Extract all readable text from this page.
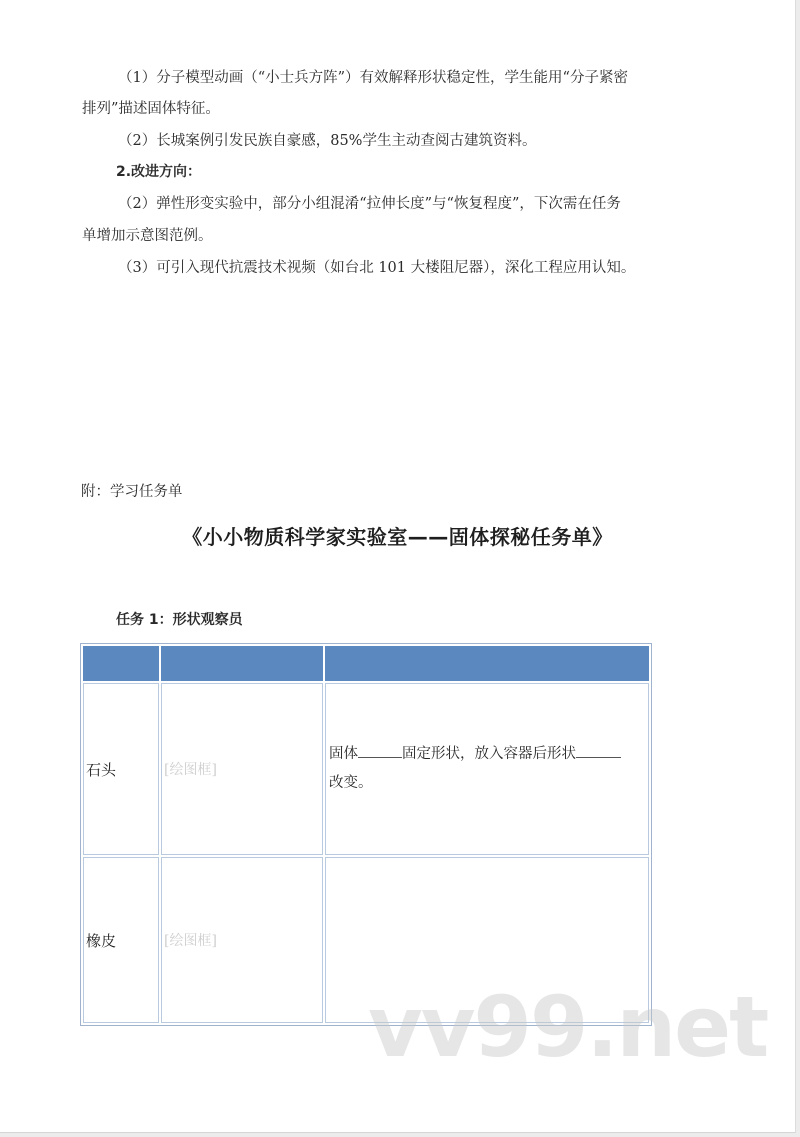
（1）分子模型动画（“小士兵方阵”）有效解释形状稳定性，学生能用“分子紧密
排列”描述固体特征。
（2）长城案例引发民族自豪感，85%学生主动查阅古建筑资料。
2.改进方向：
（2）弹性形变实验中，部分小组混淆“拉伸长度”与“恢复程度”，下次需在任务
单增加示意图范例。
（3）可引入现代抗震技术视频（如台北 101 大楼阻尼器），深化工程应用认知。
附：学习任务单
《小小物质科学家实验室——固体探秘任务单》
任务 1：形状观察员

石头	[绘图框]	固体 固定形状，放入容器后形状
改变。
橡皮	[绘图框]	
vv99.net
